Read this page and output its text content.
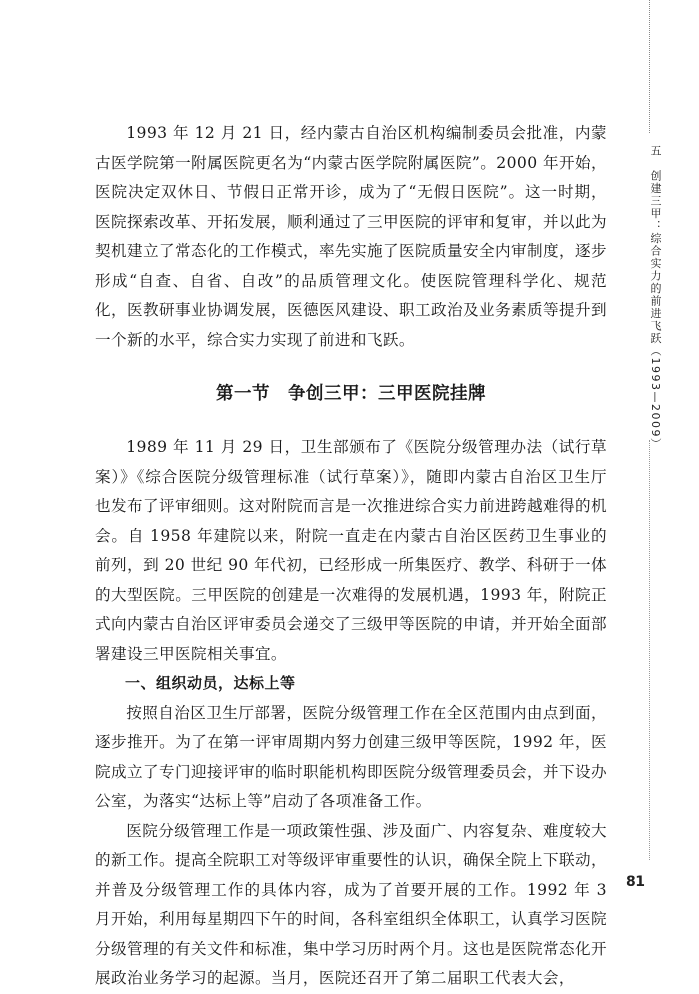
五　创建三甲：综合实力的前进飞跃（1993—2009）

1993 年 12 月 21 日，经内蒙古自治区机构编制委员会批准，内蒙古医学院第一附属医院更名为“内蒙古医学院附属医院”。2000 年开始，医院决定双休日、节假日正常开诊，成为了“无假日医院”。这一时期，医院探索改革、开拓发展，顺利通过了三甲医院的评审和复审，并以此为契机建立了常态化的工作模式，率先实施了医院质量安全内审制度，逐步形成“自查、自省、自改”的品质管理文化。使医院管理科学化、规范化，医教研事业协调发展，医德医风建设、职工政治及业务素质等提升到一个新的水平，综合实力实现了前进和飞跃。

第一节　争创三甲：三甲医院挂牌

1989 年 11 月 29 日，卫生部颁布了《医院分级管理办法（试行草案）》《综合医院分级管理标准（试行草案）》，随即内蒙古自治区卫生厅也发布了评审细则。这对附院而言是一次推进综合实力前进跨越难得的机会。自 1958 年建院以来，附院一直走在内蒙古自治区医药卫生事业的前列，到 20 世纪 90 年代初，已经形成一所集医疗、教学、科研于一体的大型医院。三甲医院的创建是一次难得的发展机遇，1993 年，附院正式向内蒙古自治区评审委员会递交了三级甲等医院的申请，并开始全面部署建设三甲医院相关事宜。

一、组织动员，达标上等

按照自治区卫生厅部署，医院分级管理工作在全区范围内由点到面，逐步推开。为了在第一评审周期内努力创建三级甲等医院，1992 年，医院成立了专门迎接评审的临时职能机构即医院分级管理委员会，并下设办公室，为落实“达标上等”启动了各项准备工作。

医院分级管理工作是一项政策性强、涉及面广、内容复杂、难度较大的新工作。提高全院职工对等级评审重要性的认识，确保全院上下联动，并普及分级管理工作的具体内容，成为了首要开展的工作。1992 年 3 月开始，利用每星期四下午的时间，各科室组织全体职工，认真学习医院分级管理的有关文件和标准，集中学习历时两个月。这也是医院常态化开展政治业务学习的起源。当月，医院还召开了第二届职工代表大会，

81
